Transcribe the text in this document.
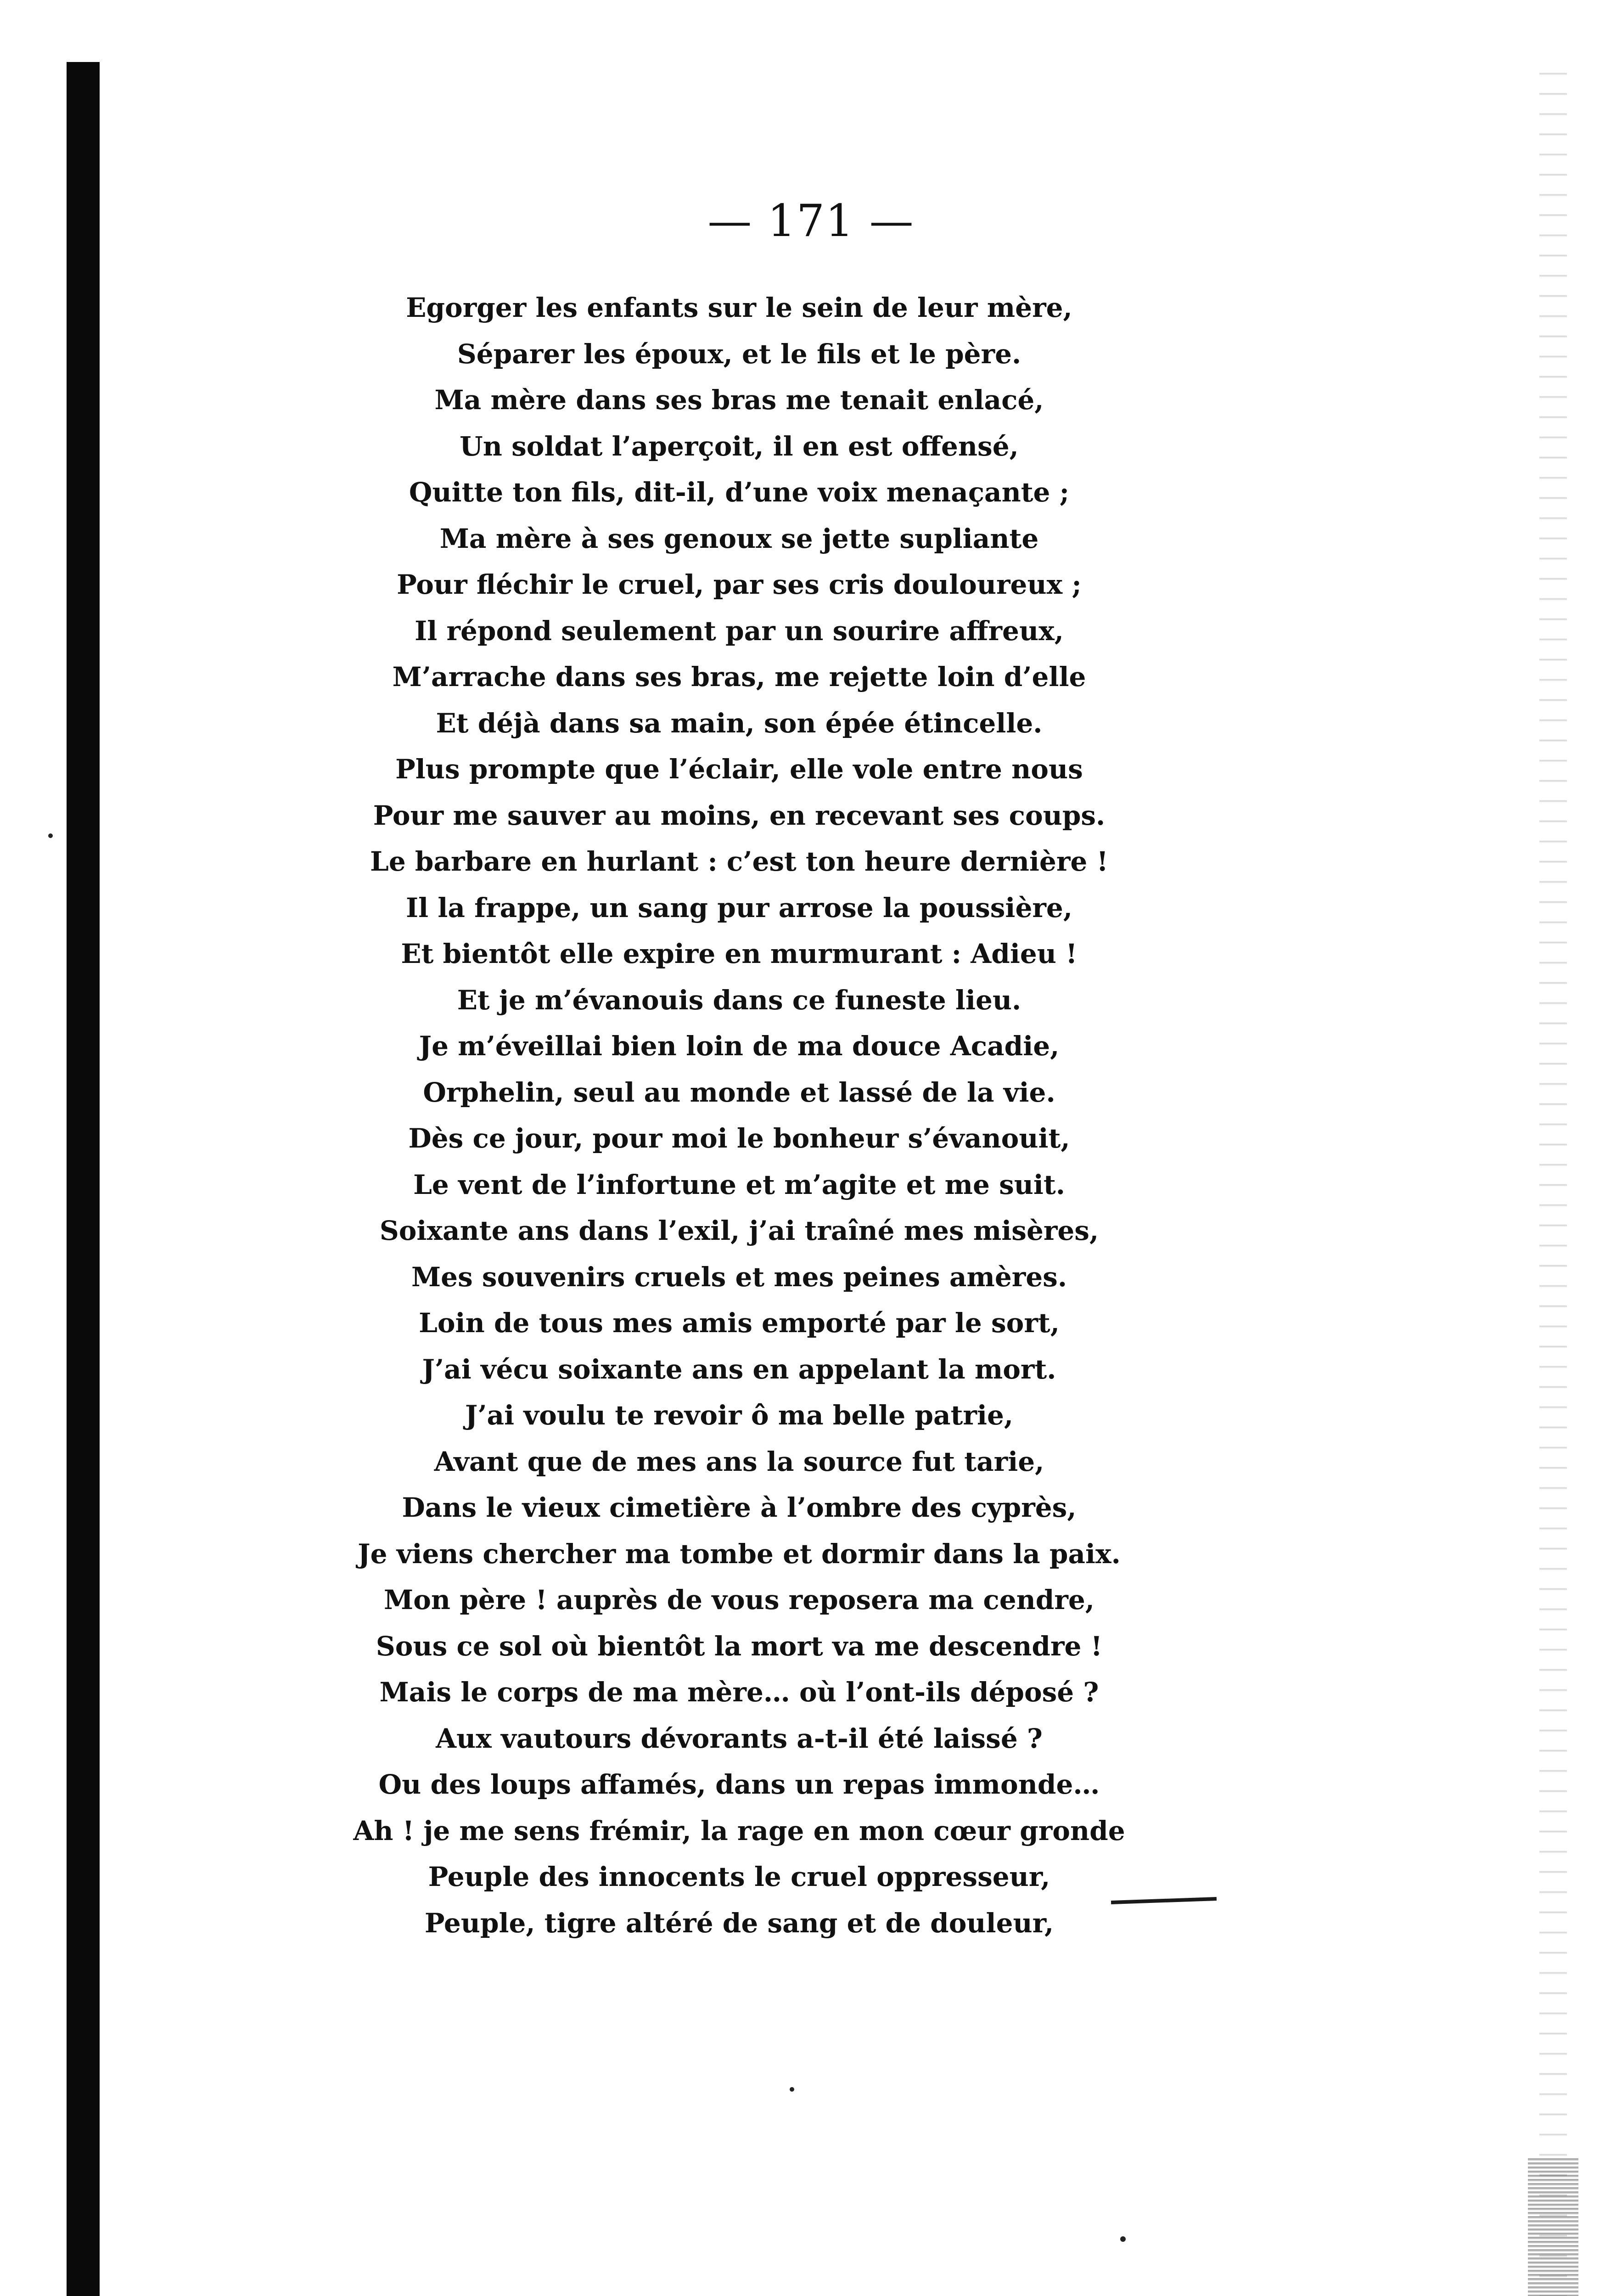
— 171 —
Egorger les enfants sur le sein de leur mère,
Séparer les époux, et le fils et le père.
Ma mère dans ses bras me tenait enlacé,
Un soldat l’aperçoit, il en est offensé,
Quitte ton fils, dit-il, d’une voix menaçante ;
Ma mère à ses genoux se jette supliante
Pour fléchir le cruel, par ses cris douloureux ;
Il répond seulement par un sourire affreux,
M’arrache dans ses bras, me rejette loin d’elle
Et déjà dans sa main, son épée étincelle.
Plus prompte que l’éclair, elle vole entre nous
Pour me sauver au moins, en recevant ses coups.
Le barbare en hurlant : c’est ton heure dernière !
Il la frappe, un sang pur arrose la poussière,
Et bientôt elle expire en murmurant : Adieu !
Et je m’évanouis dans ce funeste lieu.
Je m’éveillai bien loin de ma douce Acadie,
Orphelin, seul au monde et lassé de la vie.
Dès ce jour, pour moi le bonheur s’évanouit,
Le vent de l’infortune et m’agite et me suit.
Soixante ans dans l’exil, j’ai traîné mes misères,
Mes souvenirs cruels et mes peines amères.
Loin de tous mes amis emporté par le sort,
J’ai vécu soixante ans en appelant la mort.
J’ai voulu te revoir ô ma belle patrie,
Avant que de mes ans la source fut tarie,
Dans le vieux cimetière à l’ombre des cyprès,
Je viens chercher ma tombe et dormir dans la paix.
Mon père ! auprès de vous reposera ma cendre,
Sous ce sol où bientôt la mort va me descendre !
Mais le corps de ma mère… où l’ont-ils déposé ?
Aux vautours dévorants a-t-il été laissé ?
Ou des loups affamés, dans un repas immonde…
Ah ! je me sens frémir, la rage en mon cœur gronde
Peuple des innocents le cruel oppresseur,
Peuple, tigre altéré de sang et de douleur,
